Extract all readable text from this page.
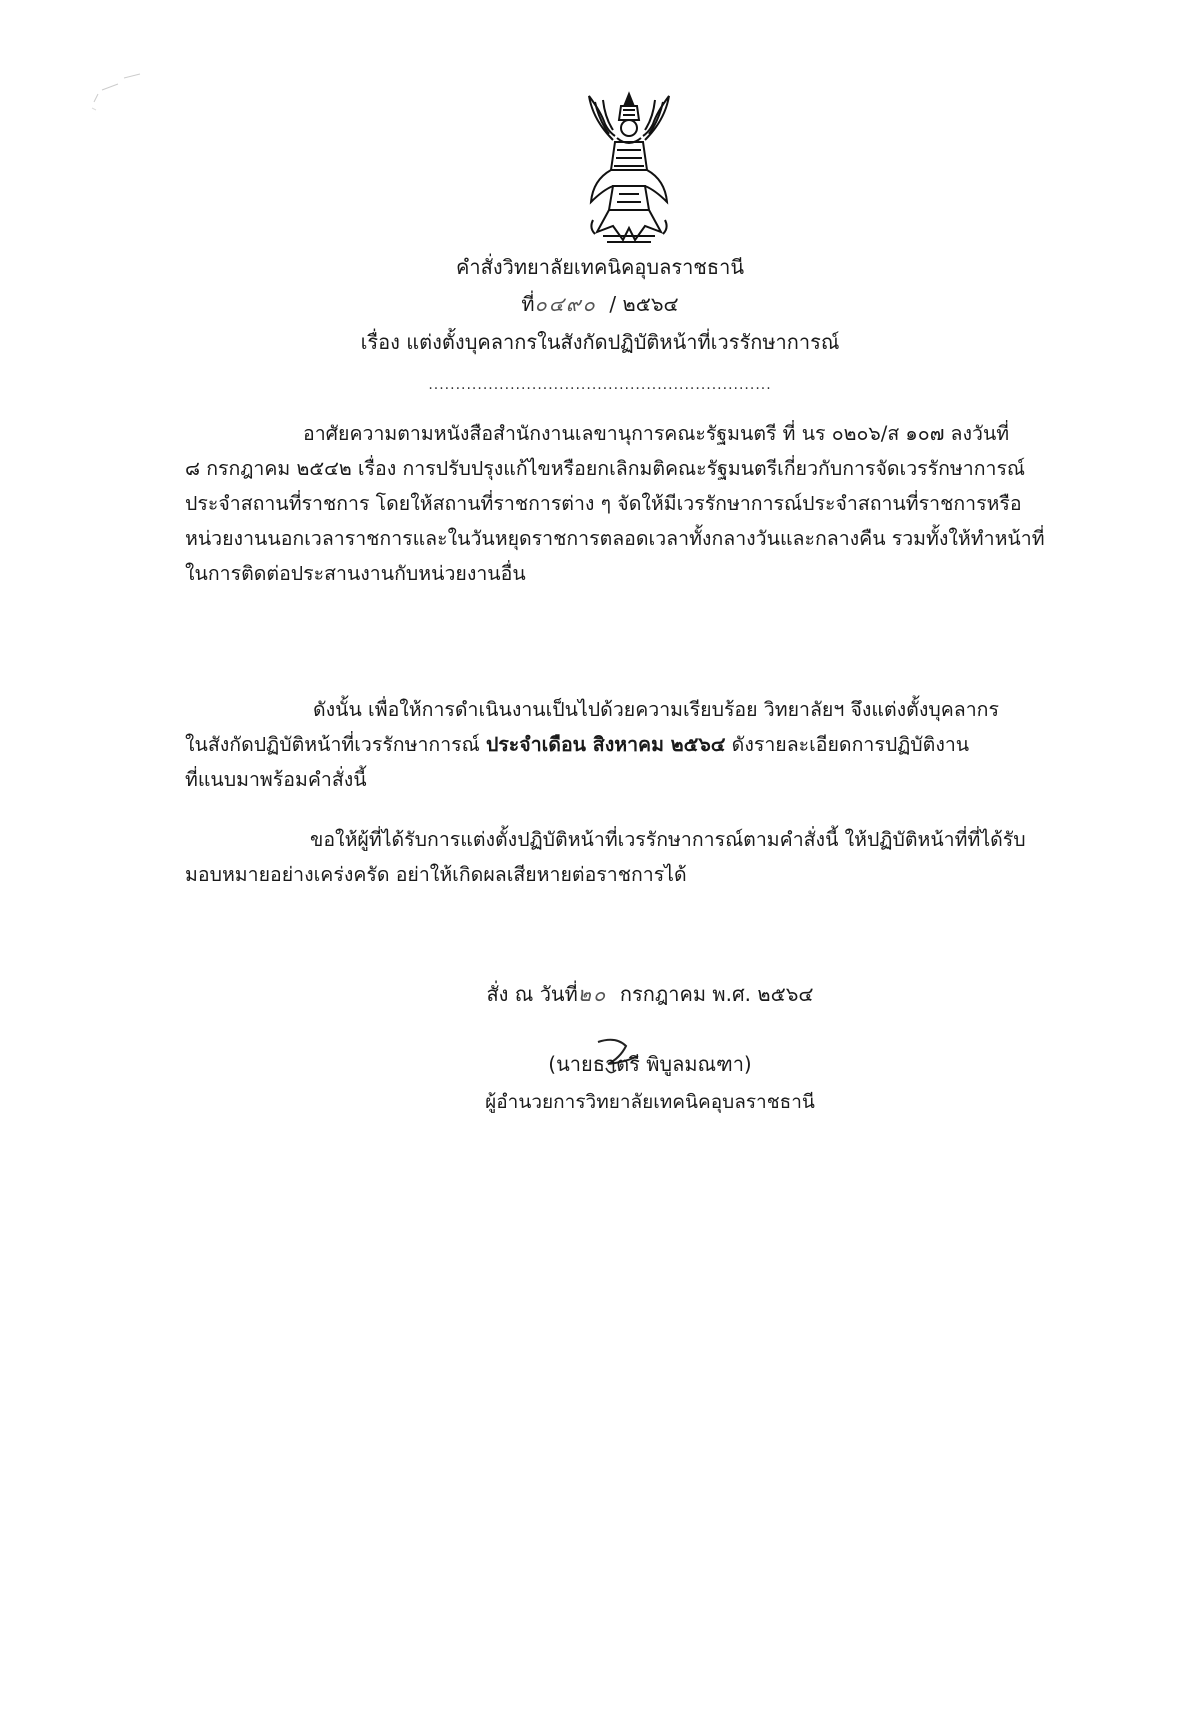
คำสั่งวิทยาลัยเทคนิคอุบลราชธานี
ที่๐๔๙๐ / ๒๕๖๔
เรื่อง แต่งตั้งบุคลากรในสังกัดปฏิบัติหน้าที่เวรรักษาการณ์
...............................................................
อาศัยความตามหนังสือสำนักงานเลขานุการคณะรัฐมนตรี ที่ นร ๐๒๐๖/ส ๑๐๗ ลงวันที่
๘ กรกฎาคม ๒๕๔๒ เรื่อง การปรับปรุงแก้ไขหรือยกเลิกมติคณะรัฐมนตรีเกี่ยวกับการจัดเวรรักษาการณ์
ประจำสถานที่ราชการ โดยให้สถานที่ราชการต่าง ๆ จัดให้มีเวรรักษาการณ์ประจำสถานที่ราชการหรือ
หน่วยงานนอกเวลาราชการและในวันหยุดราชการตลอดเวลาทั้งกลางวันและกลางคืน รวมทั้งให้ทำหน้าที่
ในการติดต่อประสานงานกับหน่วยงานอื่น
ดังนั้น เพื่อให้การดำเนินงานเป็นไปด้วยความเรียบร้อย วิทยาลัยฯ จึงแต่งตั้งบุคลากร
ในสังกัดปฏิบัติหน้าที่เวรรักษาการณ์ ประจำเดือน สิงหาคม ๒๕๖๔ ดังรายละเอียดการปฏิบัติงาน
ที่แนบมาพร้อมคำสั่งนี้
ขอให้ผู้ที่ได้รับการแต่งตั้งปฏิบัติหน้าที่เวรรักษาการณ์ตามคำสั่งนี้ ให้ปฏิบัติหน้าที่ที่ได้รับ
มอบหมายอย่างเคร่งครัด อย่าให้เกิดผลเสียหายต่อราชการได้
สั่ง ณ วันที่๒๐ กรกฎาคม พ.ศ. ๒๕๖๔
(นายธาตรี พิบูลมณฑา)
ผู้อำนวยการวิทยาลัยเทคนิคอุบลราชธานี
